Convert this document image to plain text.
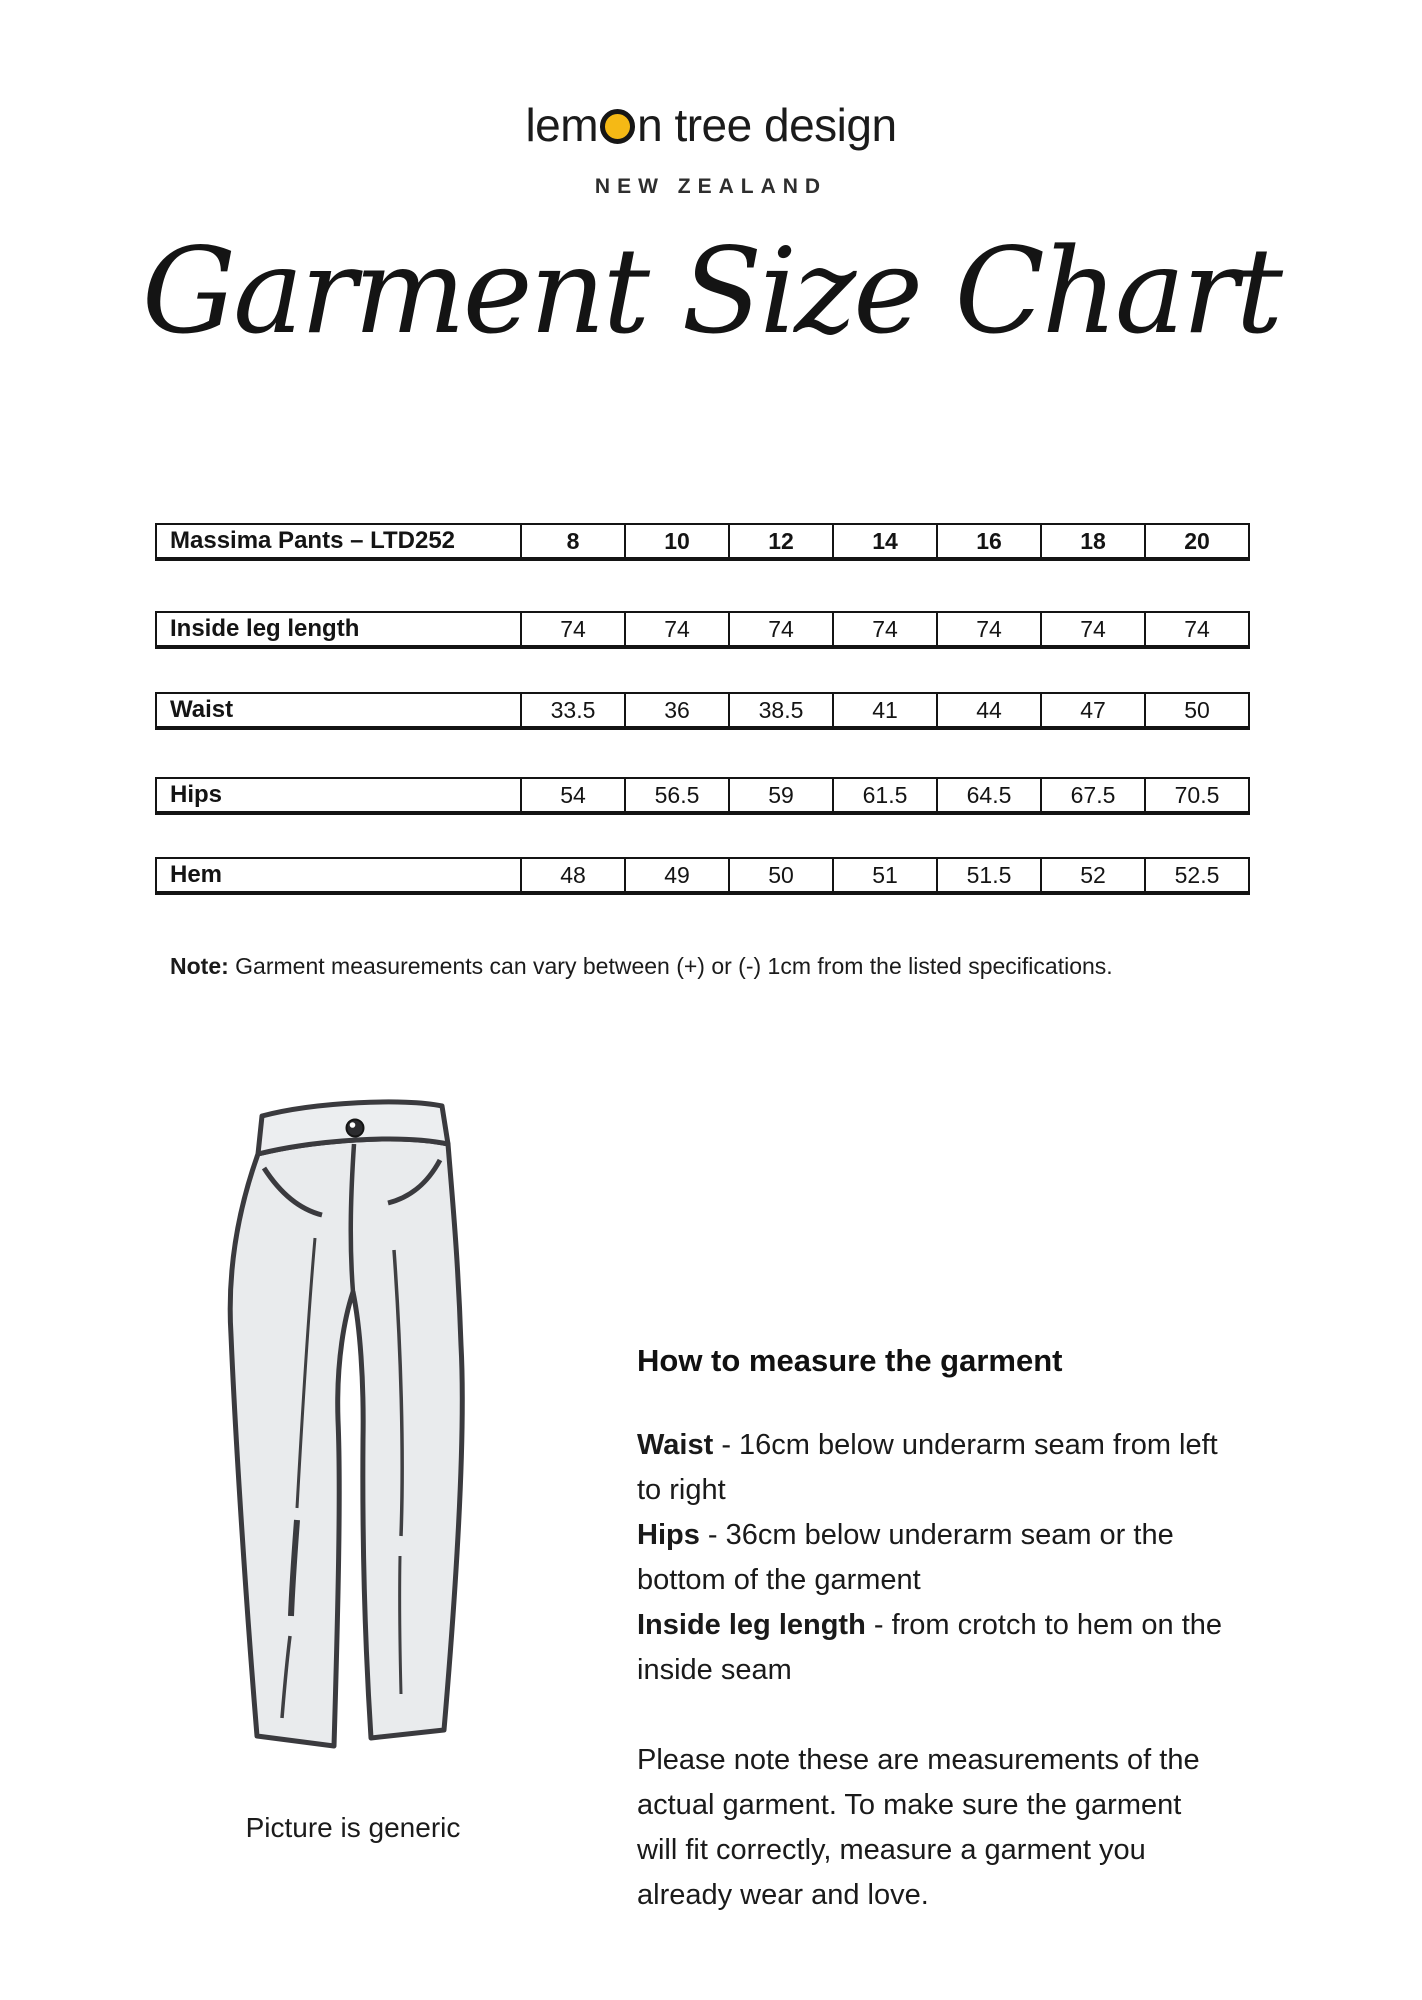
lem n tree design
NEW ZEALAND
Garment Size Chart
Massima Pants – LTD252	8	10	12	14	16	18	20
Inside leg length	74	74	74	74	74	74	74
Waist	33.5	36	38.5	41	44	47	50
Hips	54	56.5	59	61.5	64.5	67.5	70.5
Hem	48	49	50	51	51.5	52	52.5
Note: Garment measurements can vary between (+) or (-) 1cm from the listed specifications.
Picture is generic
How to measure the garment
Waist - 16cm below underarm seam from left to right
Hips - 36cm below underarm seam or the bottom of the garment
Inside leg length - from crotch to hem on the inside seam
Please note these are measurements of the actual garment. To make sure the garment will fit correctly, measure a garment you already wear and love.
